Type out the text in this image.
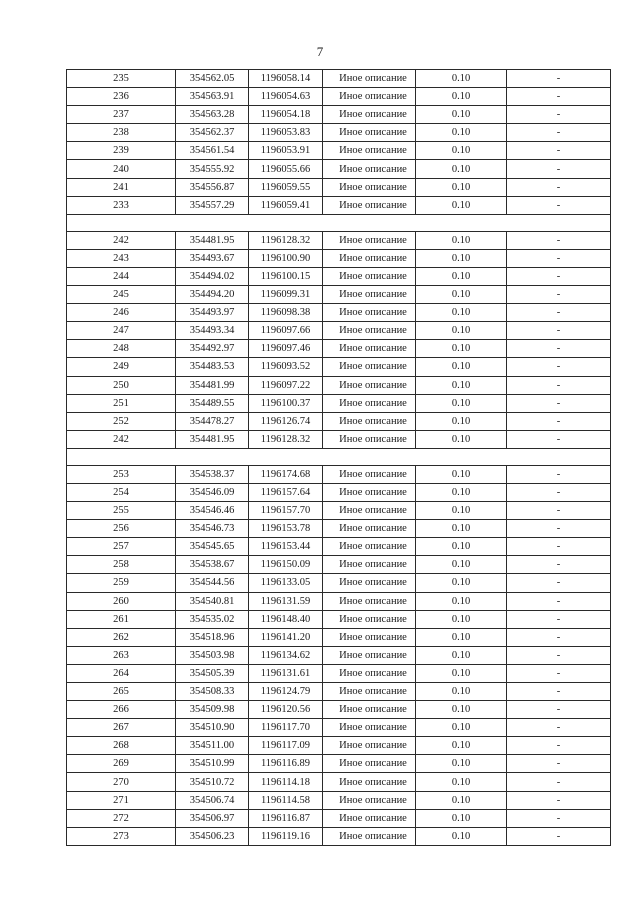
7
235	354562.05	1196058.14	Иное описание	0.10	-
236	354563.91	1196054.63	Иное описание	0.10	-
237	354563.28	1196054.18	Иное описание	0.10	-
238	354562.37	1196053.83	Иное описание	0.10	-
239	354561.54	1196053.91	Иное описание	0.10	-
240	354555.92	1196055.66	Иное описание	0.10	-
241	354556.87	1196059.55	Иное описание	0.10	-
233	354557.29	1196059.41	Иное описание	0.10	-

242	354481.95	1196128.32	Иное описание	0.10	-
243	354493.67	1196100.90	Иное описание	0.10	-
244	354494.02	1196100.15	Иное описание	0.10	-
245	354494.20	1196099.31	Иное описание	0.10	-
246	354493.97	1196098.38	Иное описание	0.10	-
247	354493.34	1196097.66	Иное описание	0.10	-
248	354492.97	1196097.46	Иное описание	0.10	-
249	354483.53	1196093.52	Иное описание	0.10	-
250	354481.99	1196097.22	Иное описание	0.10	-
251	354489.55	1196100.37	Иное описание	0.10	-
252	354478.27	1196126.74	Иное описание	0.10	-
242	354481.95	1196128.32	Иное описание	0.10	-

253	354538.37	1196174.68	Иное описание	0.10	-
254	354546.09	1196157.64	Иное описание	0.10	-
255	354546.46	1196157.70	Иное описание	0.10	-
256	354546.73	1196153.78	Иное описание	0.10	-
257	354545.65	1196153.44	Иное описание	0.10	-
258	354538.67	1196150.09	Иное описание	0.10	-
259	354544.56	1196133.05	Иное описание	0.10	-
260	354540.81	1196131.59	Иное описание	0.10	-
261	354535.02	1196148.40	Иное описание	0.10	-
262	354518.96	1196141.20	Иное описание	0.10	-
263	354503.98	1196134.62	Иное описание	0.10	-
264	354505.39	1196131.61	Иное описание	0.10	-
265	354508.33	1196124.79	Иное описание	0.10	-
266	354509.98	1196120.56	Иное описание	0.10	-
267	354510.90	1196117.70	Иное описание	0.10	-
268	354511.00	1196117.09	Иное описание	0.10	-
269	354510.99	1196116.89	Иное описание	0.10	-
270	354510.72	1196114.18	Иное описание	0.10	-
271	354506.74	1196114.58	Иное описание	0.10	-
272	354506.97	1196116.87	Иное описание	0.10	-
273	354506.23	1196119.16	Иное описание	0.10	-
